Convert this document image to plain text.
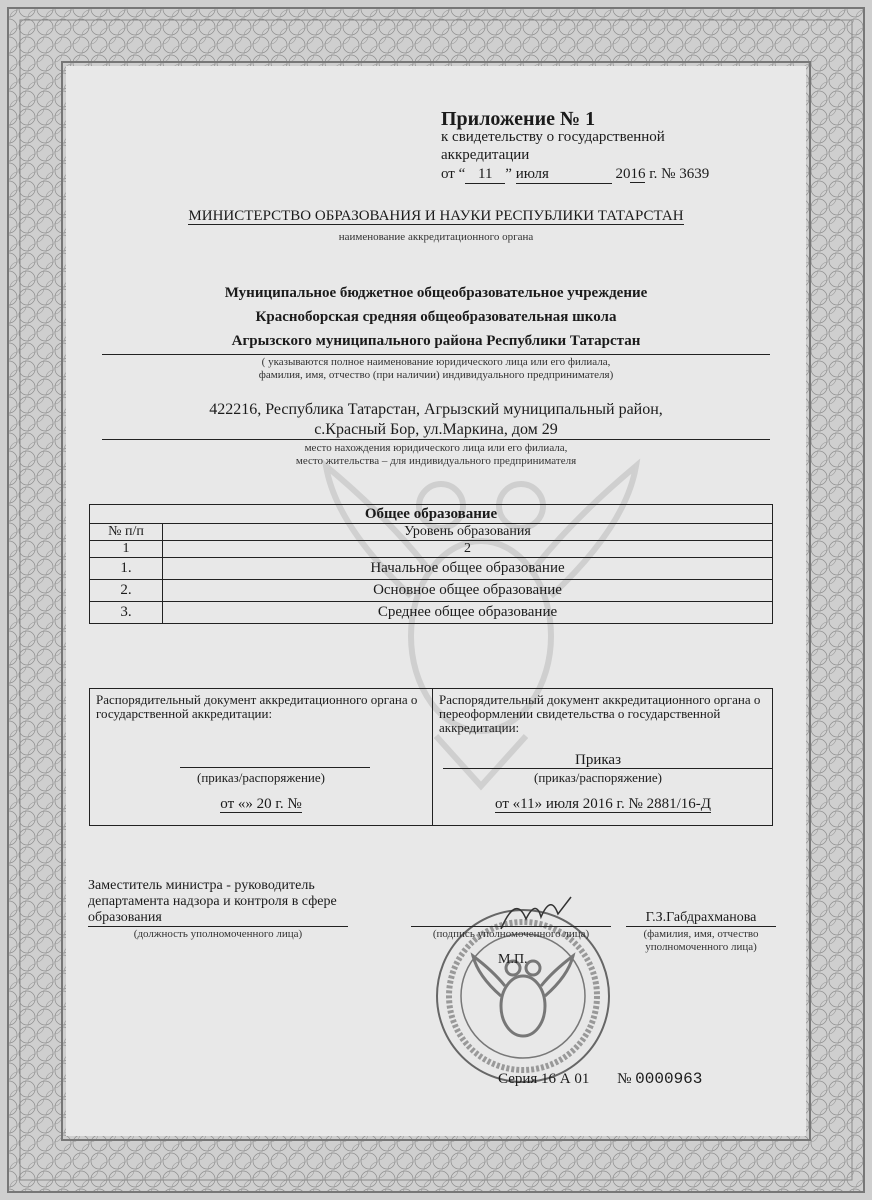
Приложение № 1
к свидетельству о государственной
аккредитации
от “ 11 ” июля	2016 г. № 3639
МИНИСТЕРСТВО ОБРАЗОВАНИЯ И НАУКИ РЕСПУБЛИКИ ТАТАРСТАН
наименование аккредитационного органа
Муниципальное бюджетное общеобразовательное учреждение
Красноборская средняя общеобразовательная школа
Агрызского муниципального района Республики Татарстан
( указываются полное наименование юридического лица или его филиала,
фамилия, имя, отчество (при наличии) индивидуального предпринимателя)
422216, Республика Татарстан, Агрызский муниципальный район,
с.Красный Бор, ул.Маркина, дом 29
место нахождения юридического лица или его филиала,
место жительства – для индивидуального предпринимателя
Общее образование	
№ п/п	Уровень образования
1	2
1.	Начальное общее образование
2.	Основное общее образование
3.	Среднее общее образование
Распорядительный документ аккредитационного органа о государственной аккредитации:
(приказ/распоряжение)
от «» 20 г. №

Распорядительный документ аккредитационного органа о переоформлении свидетельства о государственной аккредитации:
Приказ
(приказ/распоряжение)
от «11» июля 2016 г. № 2881/16-Д
Заместитель министра - руководитель департамента надзора и контроля в сфере образования
(должность уполномоченного лица)	(подпись уполномоченного лица)
М.П.
Г.З.Габдрахманова
(фамилия, имя, отчество уполномоченного лица)
Серия 16 А 01 № 0000963
